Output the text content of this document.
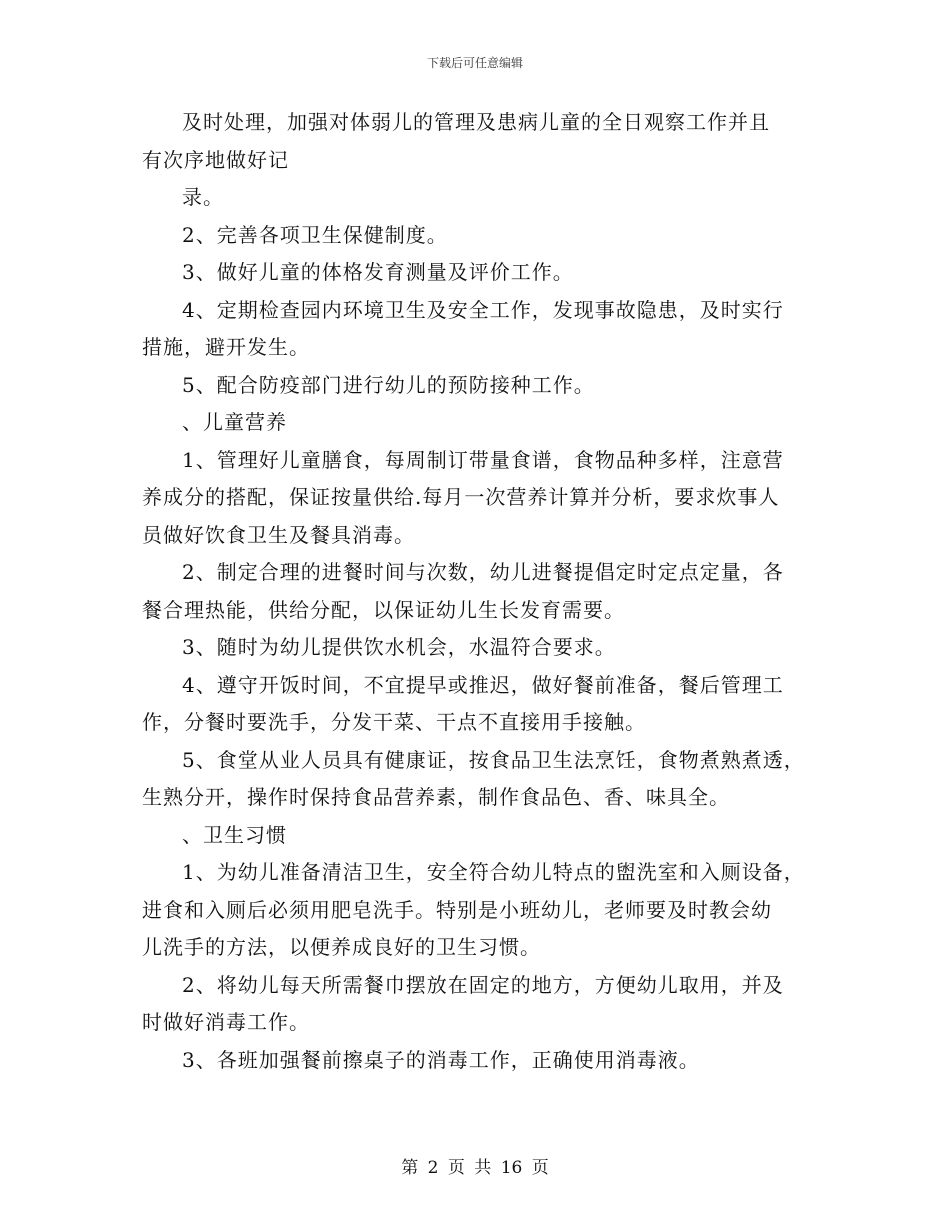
下载后可任意编辑

及时处理，加强对体弱儿的管理及患病儿童的全日观察工作并且
有次序地做好记

录。

2、完善各项卫生保健制度。

3、做好儿童的体格发育测量及评价工作。

4、定期检查园内环境卫生及安全工作，发现事故隐患，及时实行
措施，避开发生。

5、配合防疫部门进行幼儿的预防接种工作。

、儿童营养

1、管理好儿童膳食，每周制订带量食谱，食物品种多样，注意营
养成分的搭配，保证按量供给.每月一次营养计算并分析，要求炊事人
员做好饮食卫生及餐具消毒。

2、制定合理的进餐时间与次数，幼儿进餐提倡定时定点定量，各
餐合理热能，供给分配，以保证幼儿生长发育需要。

3、随时为幼儿提供饮水机会，水温符合要求。

4、遵守开饭时间，不宜提早或推迟，做好餐前准备，餐后管理工
作，分餐时要洗手，分发干菜、干点不直接用手接触。

5、食堂从业人员具有健康证，按食品卫生法烹饪，食物煮熟煮透，
生熟分开，操作时保持食品营养素，制作食品色、香、味具全。

、卫生习惯

1、为幼儿准备清洁卫生，安全符合幼儿特点的盥洗室和入厕设备，
进食和入厕后必须用肥皂洗手。特别是小班幼儿，老师要及时教会幼
儿洗手的方法，以便养成良好的卫生习惯。

2、将幼儿每天所需餐巾摆放在固定的地方，方便幼儿取用，并及
时做好消毒工作。

3、各班加强餐前擦桌子的消毒工作，正确使用消毒液。

第 2 页 共 16 页
